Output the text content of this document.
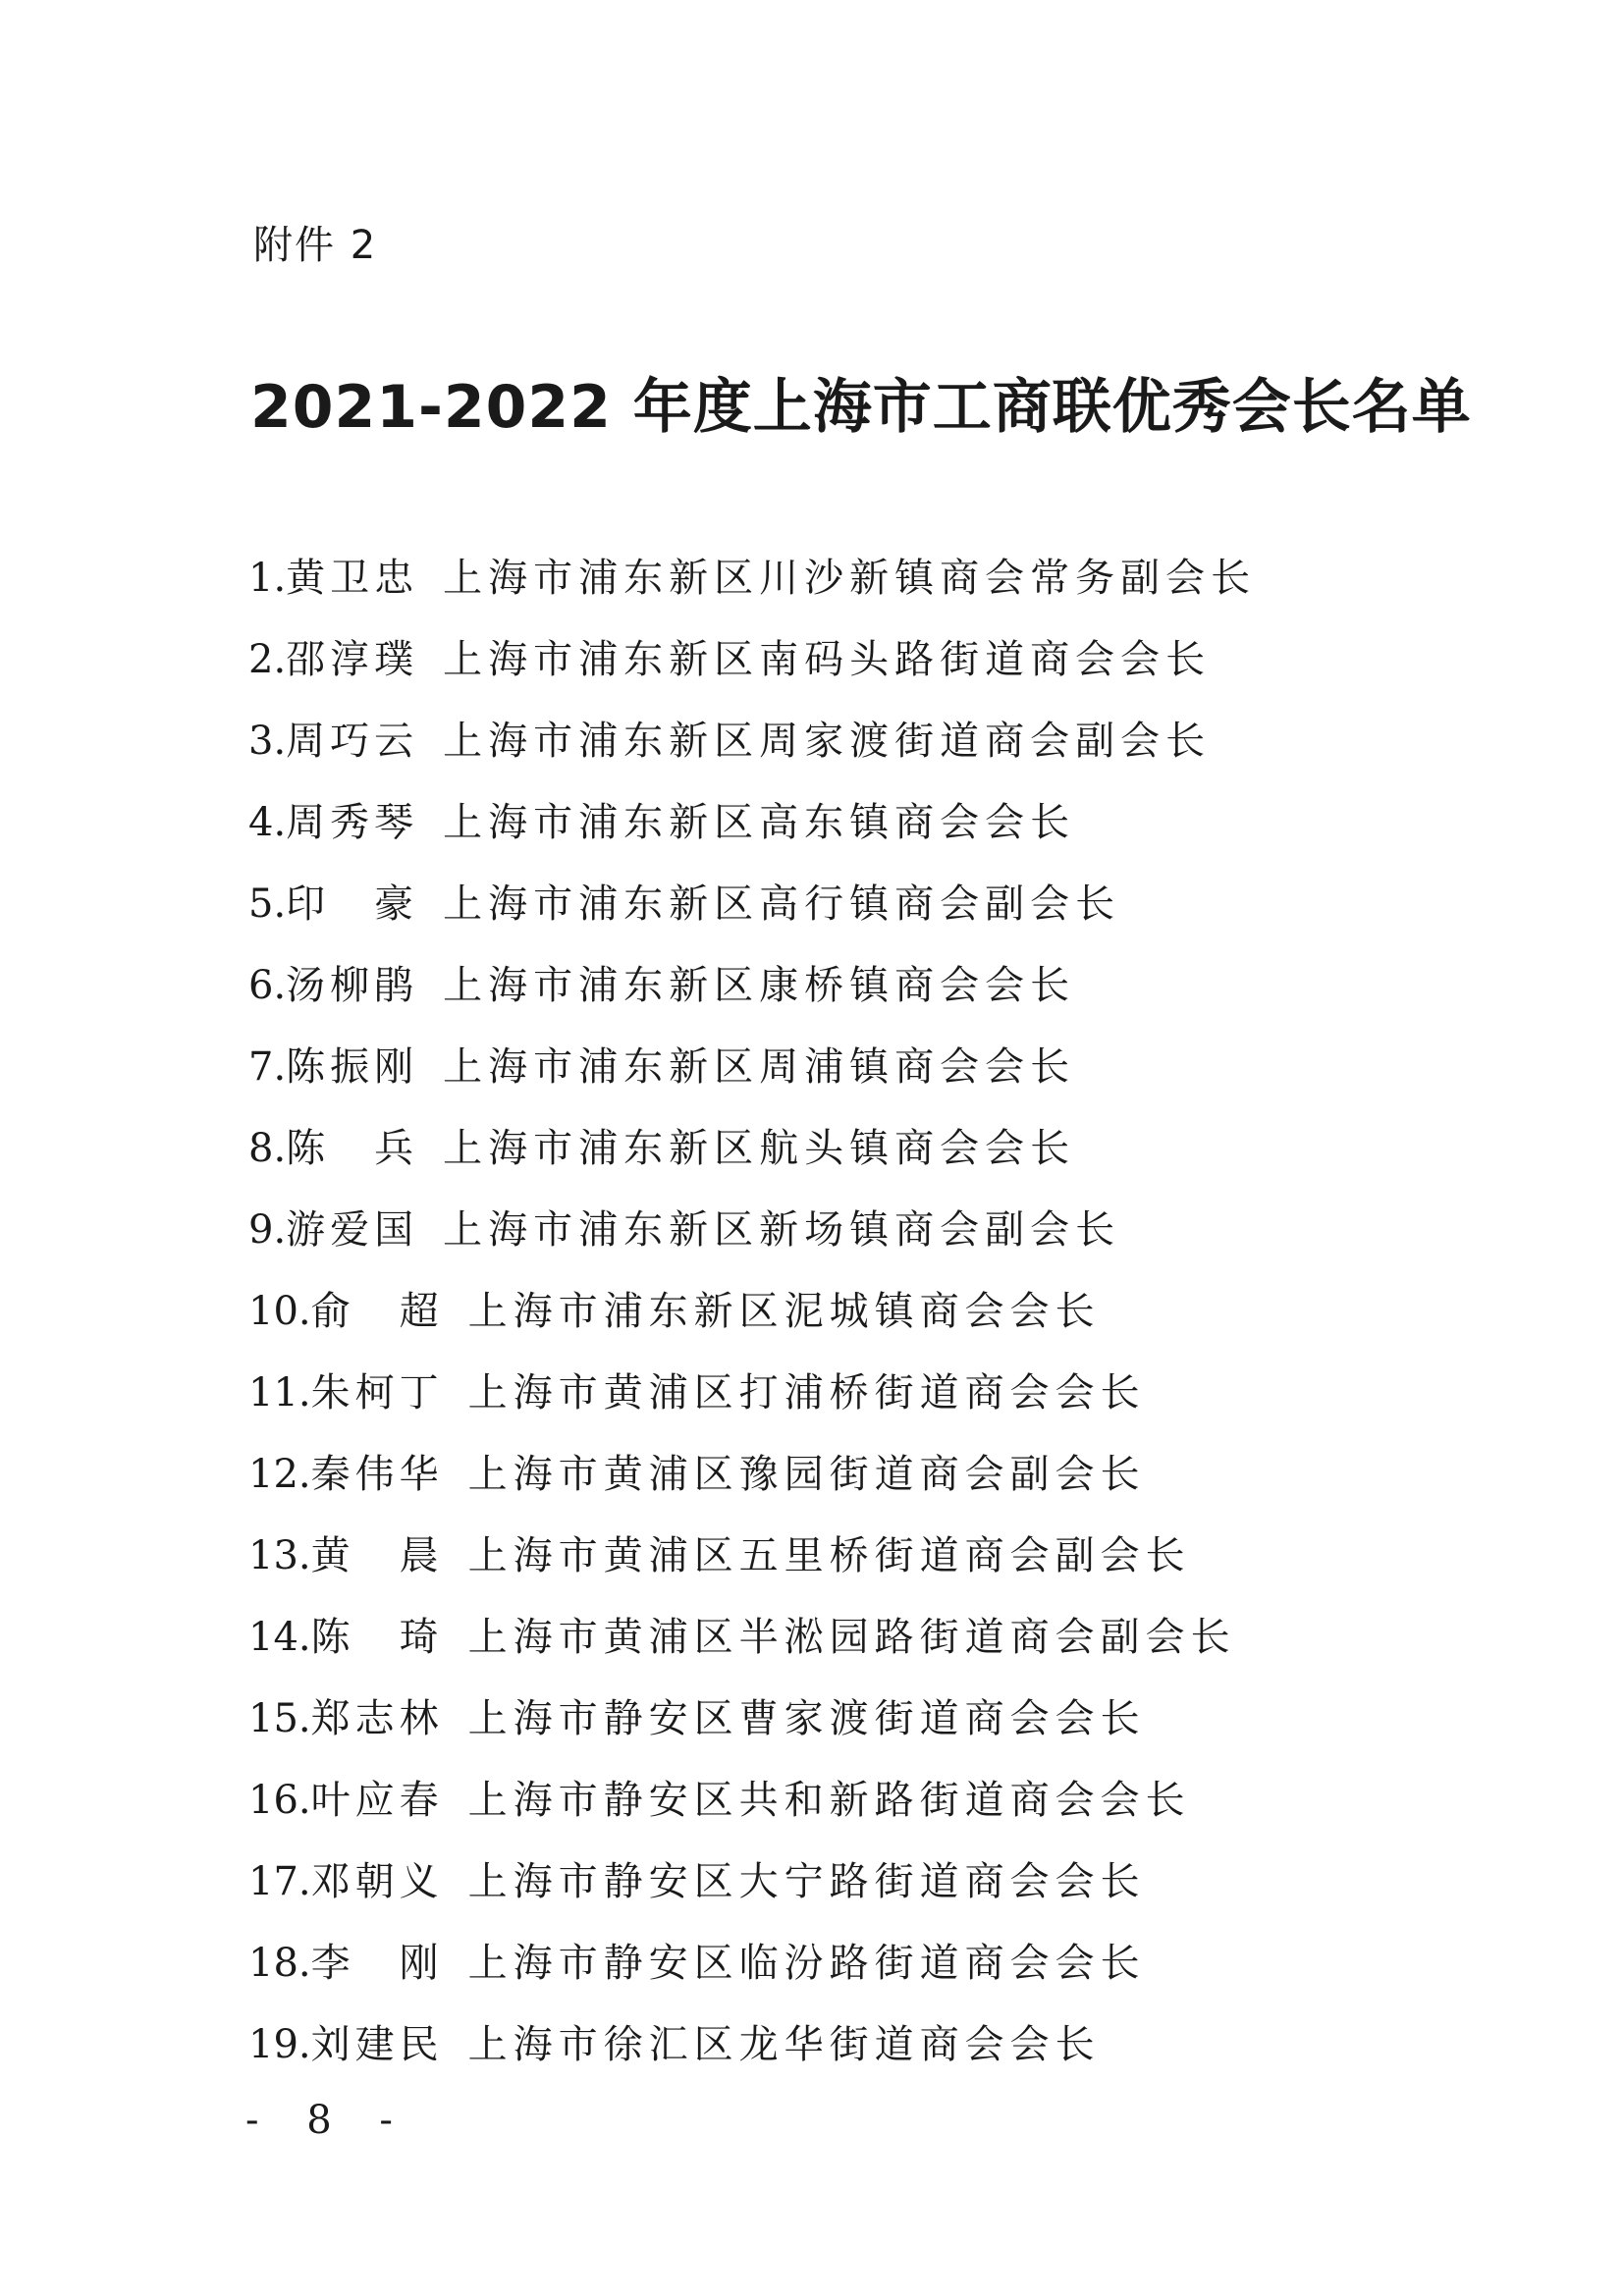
附件 2
2021-2022 年度上海市工商联优秀会长名单
1. 黄卫忠 上海市浦东新区川沙新镇商会常务副会长
2. 邵淳璞 上海市浦东新区南码头路街道商会会长
3. 周巧云 上海市浦东新区周家渡街道商会副会长
4. 周秀琴 上海市浦东新区高东镇商会会长
5. 印豪 上海市浦东新区高行镇商会副会长
6. 汤柳鹃 上海市浦东新区康桥镇商会会长
7. 陈振刚 上海市浦东新区周浦镇商会会长
8. 陈兵 上海市浦东新区航头镇商会会长
9. 游爱国 上海市浦东新区新场镇商会副会长
10. 俞超 上海市浦东新区泥城镇商会会长
11. 朱柯丁 上海市黄浦区打浦桥街道商会会长
12. 秦伟华 上海市黄浦区豫园街道商会副会长
13. 黄晨 上海市黄浦区五里桥街道商会副会长
14. 陈琦 上海市黄浦区半淞园路街道商会副会长
15. 郑志林 上海市静安区曹家渡街道商会会长
16. 叶应春 上海市静安区共和新路街道商会会长
17. 邓朝义 上海市静安区大宁路街道商会会长
18. 李刚 上海市静安区临汾路街道商会会长
19. 刘建民 上海市徐汇区龙华街道商会会长
- 8 -
